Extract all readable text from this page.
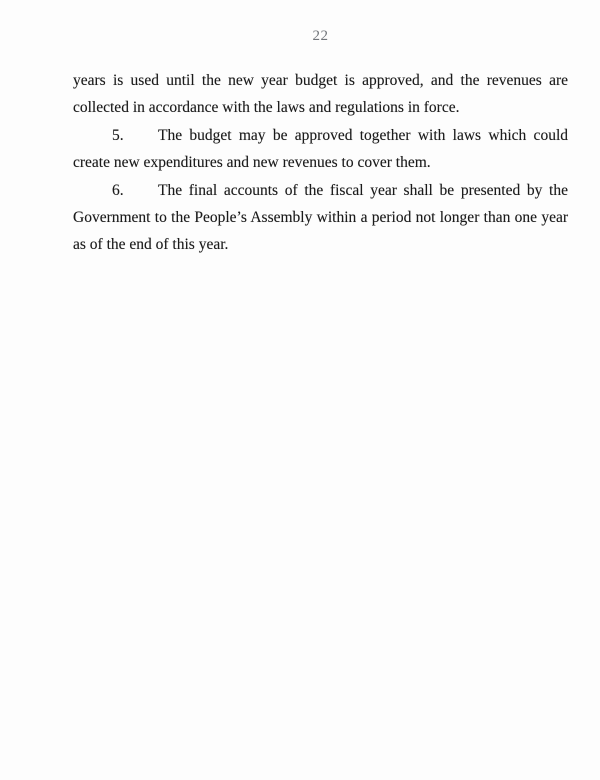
22

years is used until the new year budget is approved, and the revenues are collected in accordance with the laws and regulations in force.

5. The budget may be approved together with laws which could create new expenditures and new revenues to cover them.

6. The final accounts of the fiscal year shall be presented by the Government to the People’s Assembly within a period not longer than one year as of the end of this year.
